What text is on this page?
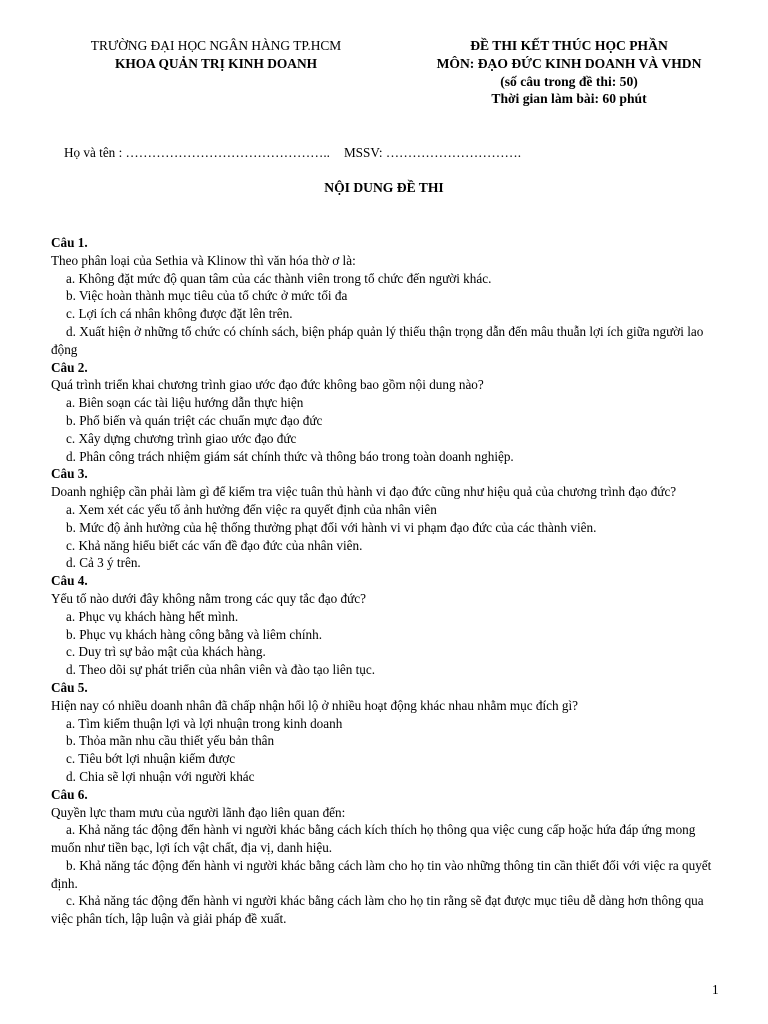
TRƯỜNG ĐẠI HỌC NGÂN HÀNG TP.HCM
KHOA QUẢN TRỊ KINH DOANH
ĐỀ THI KẾT THÚC HỌC PHẦN
MÔN: ĐẠO ĐỨC KINH DOANH VÀ VHDN
(số câu trong đề thi: 50)
Thời gian làm bài: 60 phút
Họ và tên : ……………………………………….. MSSV: ………………………….
NỘI DUNG ĐỀ THI
Câu 1.
Theo phân loại của Sethia và Klinow thì văn hóa thờ ơ là:
a. Không đặt mức độ quan tâm của các thành viên trong tổ chức đến người khác.
b. Việc hoàn thành mục tiêu của tổ chức ở mức tối đa
c. Lợi ích cá nhân không được đặt lên trên.
d. Xuất hiện ở những tổ chức có chính sách, biện pháp quản lý thiếu thận trọng dẫn đến mâu thuẫn lợi ích giữa người lao động
Câu 2.
Quá trình triển khai chương trình giao ước đạo đức không bao gồm nội dung nào?
a. Biên soạn các tài liệu hướng dẫn thực hiện
b. Phổ biến và quán triệt các chuẩn mực đạo đức
c. Xây dựng chương trình giao ước đạo đức
d. Phân công trách nhiệm giám sát chính thức và thông báo trong toàn doanh nghiệp.
Câu 3.
Doanh nghiệp cần phải làm gì để kiểm tra việc tuân thủ hành vi đạo đức cũng như hiệu quả của chương trình đạo đức?
a. Xem xét các yếu tố ảnh hưởng đến việc ra quyết định của nhân viên
b. Mức độ ảnh hưởng của hệ thống thưởng phạt đối với hành vi vi phạm đạo đức của các thành viên.
c. Khả năng hiểu biết các vấn đề đạo đức của nhân viên.
d. Cả 3 ý trên.
Câu 4.
Yếu tố nào dưới đây không nằm trong các quy tắc đạo đức?
a. Phục vụ khách hàng hết mình.
b. Phục vụ khách hàng công bằng và liêm chính.
c. Duy trì sự bảo mật của khách hàng.
d. Theo dõi sự phát triển của nhân viên và đào tạo liên tục.
Câu 5.
Hiện nay có nhiều doanh nhân đã chấp nhận hối lộ ở nhiều hoạt động khác nhau nhằm mục đích gì?
a. Tìm kiếm thuận lợi và lợi nhuận trong kinh doanh
b. Thỏa mãn nhu cầu thiết yếu bản thân
c. Tiêu bớt lợi nhuận kiếm được
d. Chia sẽ lợi nhuận với người khác
Câu 6.
Quyền lực tham mưu của người lãnh đạo liên quan đến:
a. Khả năng tác động đến hành vi người khác bằng cách kích thích họ thông qua việc cung cấp hoặc hứa đáp ứng mong muốn như tiền bạc, lợi ích vật chất, địa vị, danh hiệu.
b. Khả năng tác động đến hành vi người khác bằng cách làm cho họ tin vào những thông tin cần thiết đối với việc ra quyết định.
c. Khả năng tác động đến hành vi người khác bằng cách làm cho họ tin rằng sẽ đạt được mục tiêu dễ dàng hơn thông qua việc phân tích, lập luận và giải pháp đề xuất.
1
